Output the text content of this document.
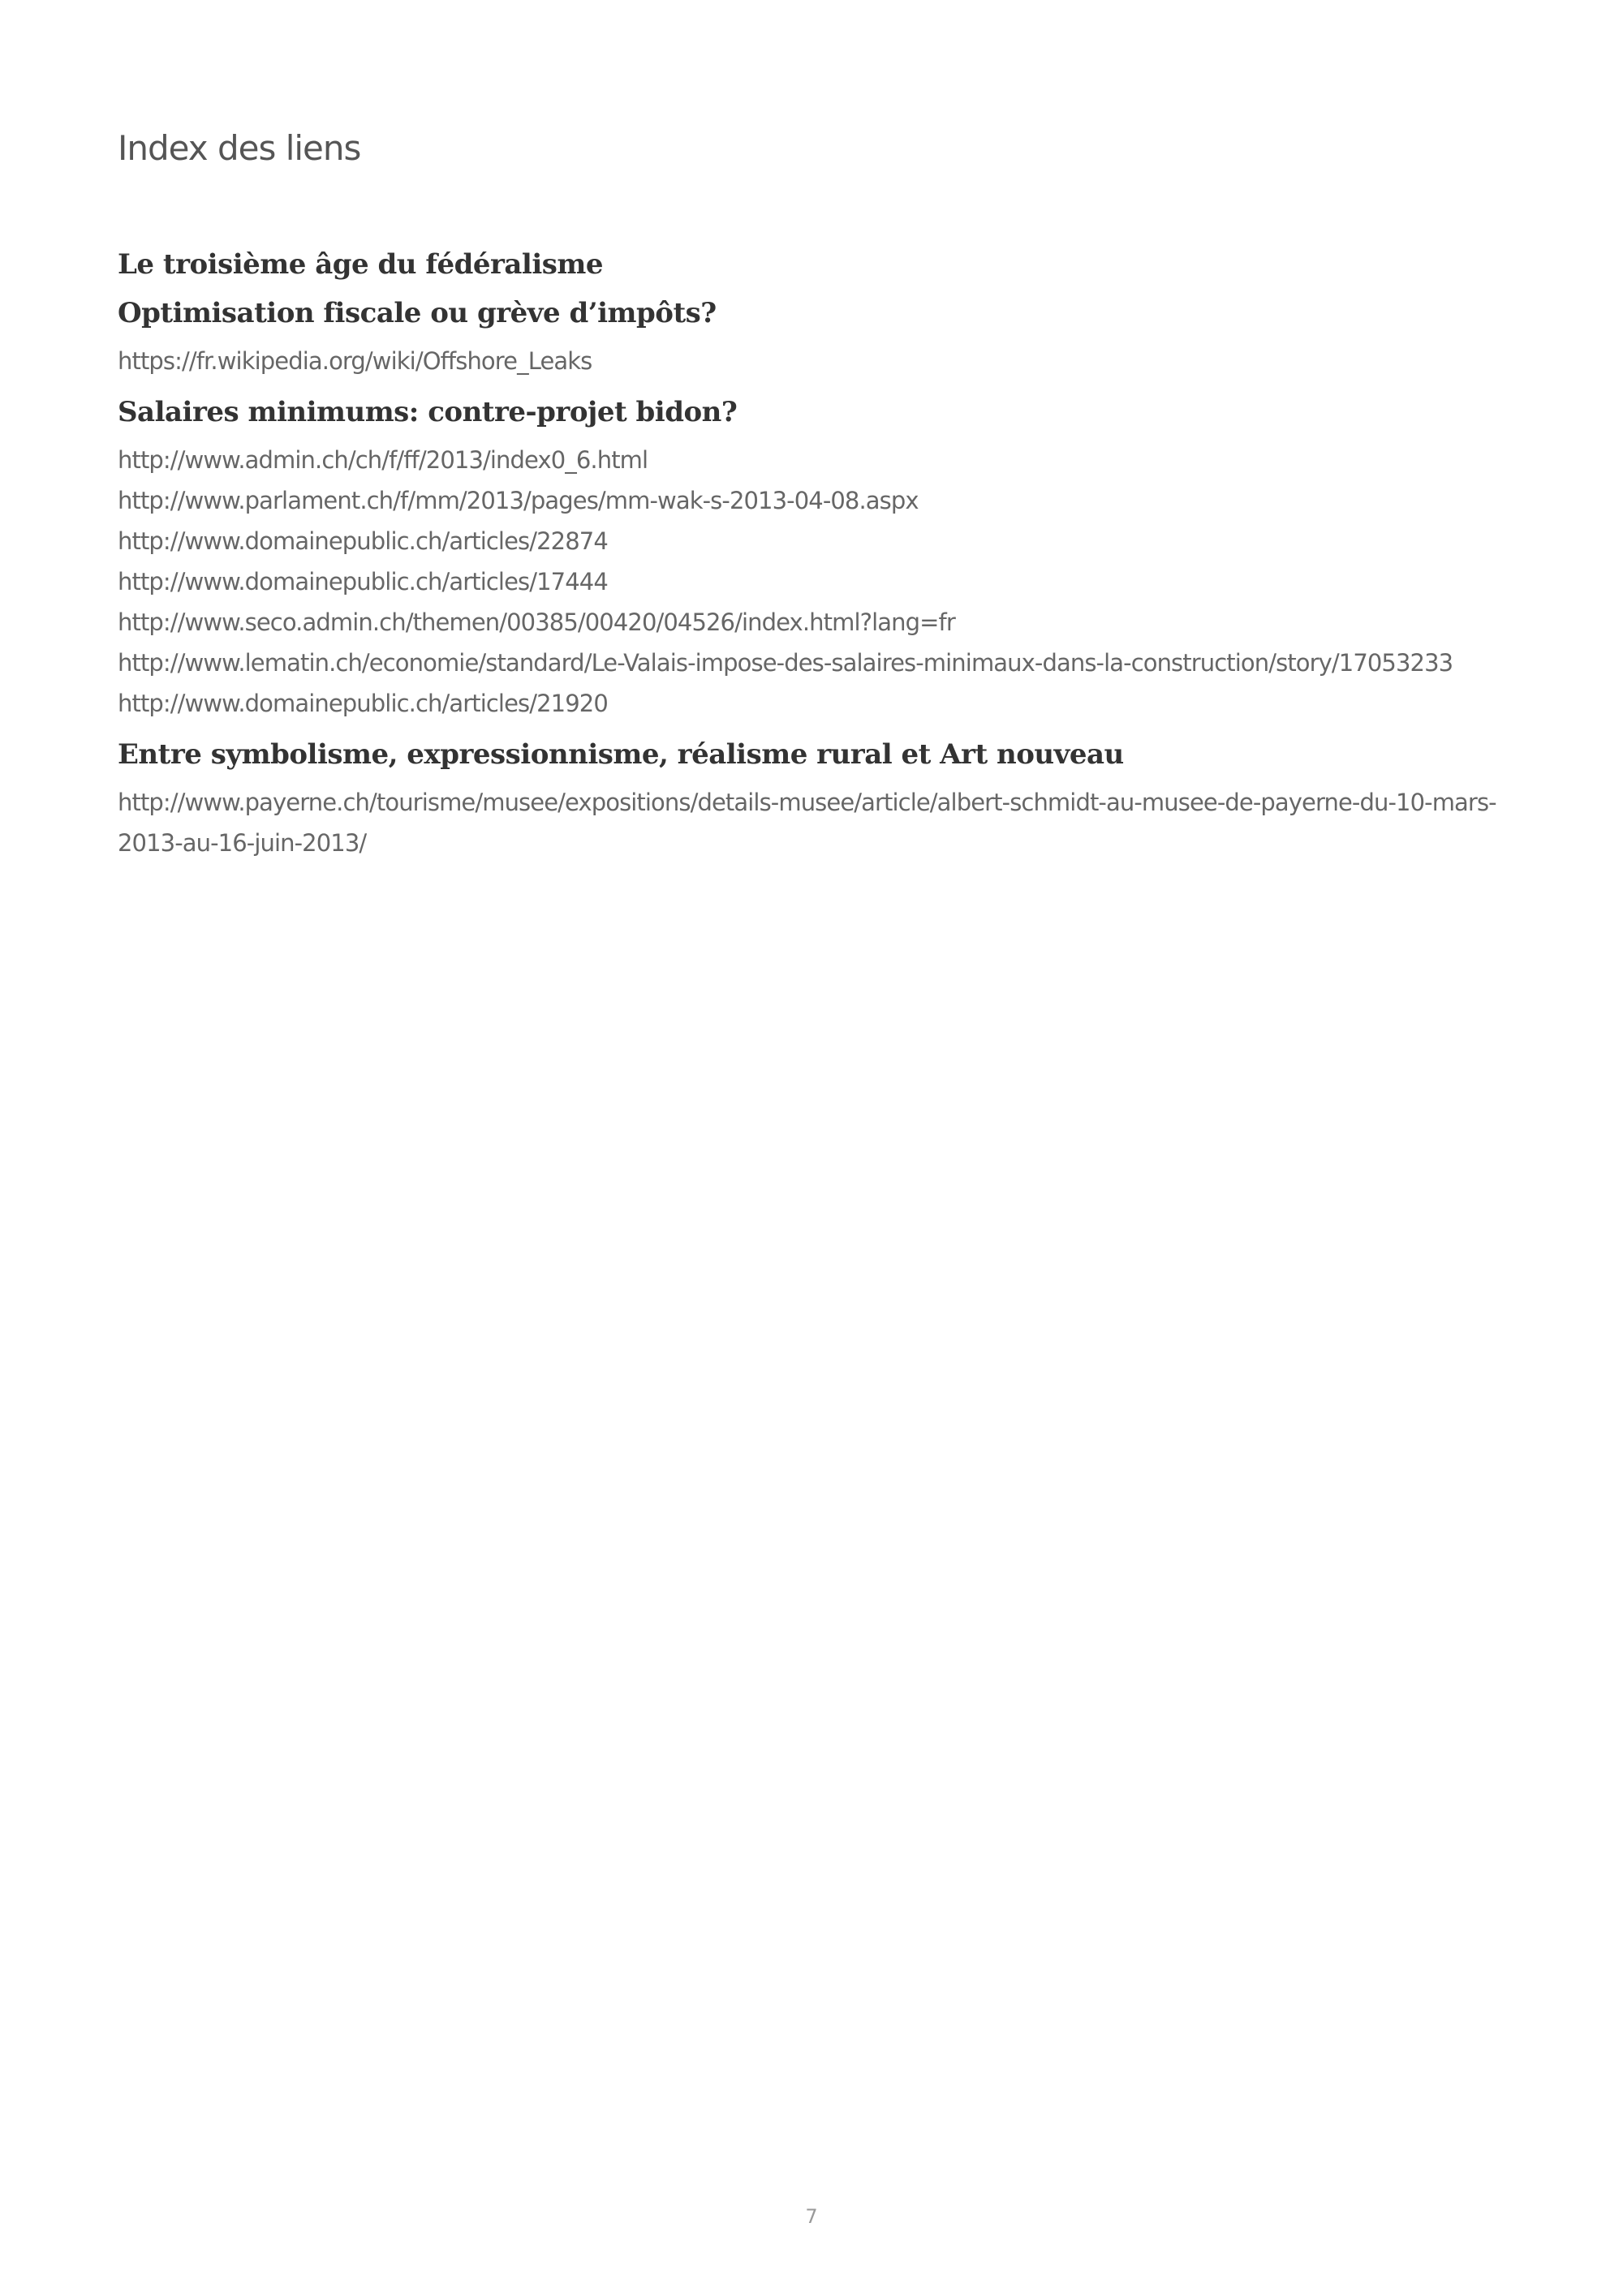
Index des liens
Le troisième âge du fédéralisme
Optimisation fiscale ou grève d’impôts?
https://fr.wikipedia.org/wiki/Offshore_Leaks
Salaires minimums: contre-projet bidon?
http://www.admin.ch/ch/f/ff/2013/index0_6.html
http://www.parlament.ch/f/mm/2013/pages/mm-wak-s-2013-04-08.aspx
http://www.domainepublic.ch/articles/22874
http://www.domainepublic.ch/articles/17444
http://www.seco.admin.ch/themen/00385/00420/04526/index.html?lang=fr
http://www.lematin.ch/economie/standard/Le-Valais-impose-des-salaires-minimaux-dans-la-construction/story/17053233
http://www.domainepublic.ch/articles/21920
Entre symbolisme, expressionnisme, réalisme rural et Art nouveau
http://www.payerne.ch/tourisme/musee/expositions/details-musee/article/albert-schmidt-au-musee-de-payerne-du-10-mars-2013-au-16-juin-2013/
7
